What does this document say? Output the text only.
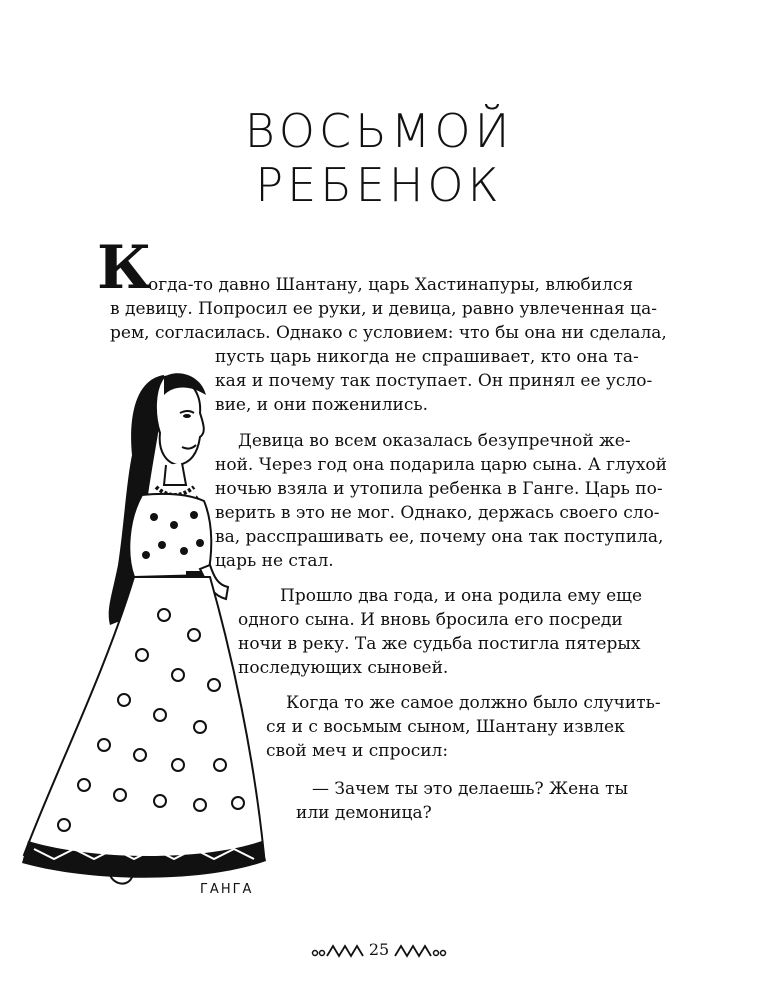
ВОСЬМОЙ
РЕБЕНОК
К
огда-то давно Шантану, царь Хастинапуры, влюбился
в девицу. Попросил ее руки, и девица, равно увлеченная ца-
рем, согласилась. Однако с условием: что бы она ни сделала,
пусть царь никогда не спрашивает, кто она та-
кая и почему так поступает. Он принял ее усло-
вие, и они поженились.
Девица во всем оказалась безупречной же-
ной. Через год она подарила царю сына. А глухой
ночью взяла и утопила ребенка в Ганге. Царь по-
верить в это не мог. Однако, держась своего сло-
ва, расспрашивать ее, почему она так поступила,
царь не стал.
Прошло два года, и она родила ему еще
одного сына. И вновь бросила его посреди
ночи в реку. Та же судьба постигла пятерых
последующих сыновей.
Когда то же самое должно было случить-
ся и с восьмым сыном, Шантану извлек
свой меч и спросил:
— Зачем ты это делаешь? Жена ты
или демоница?
ГАНГА
25
